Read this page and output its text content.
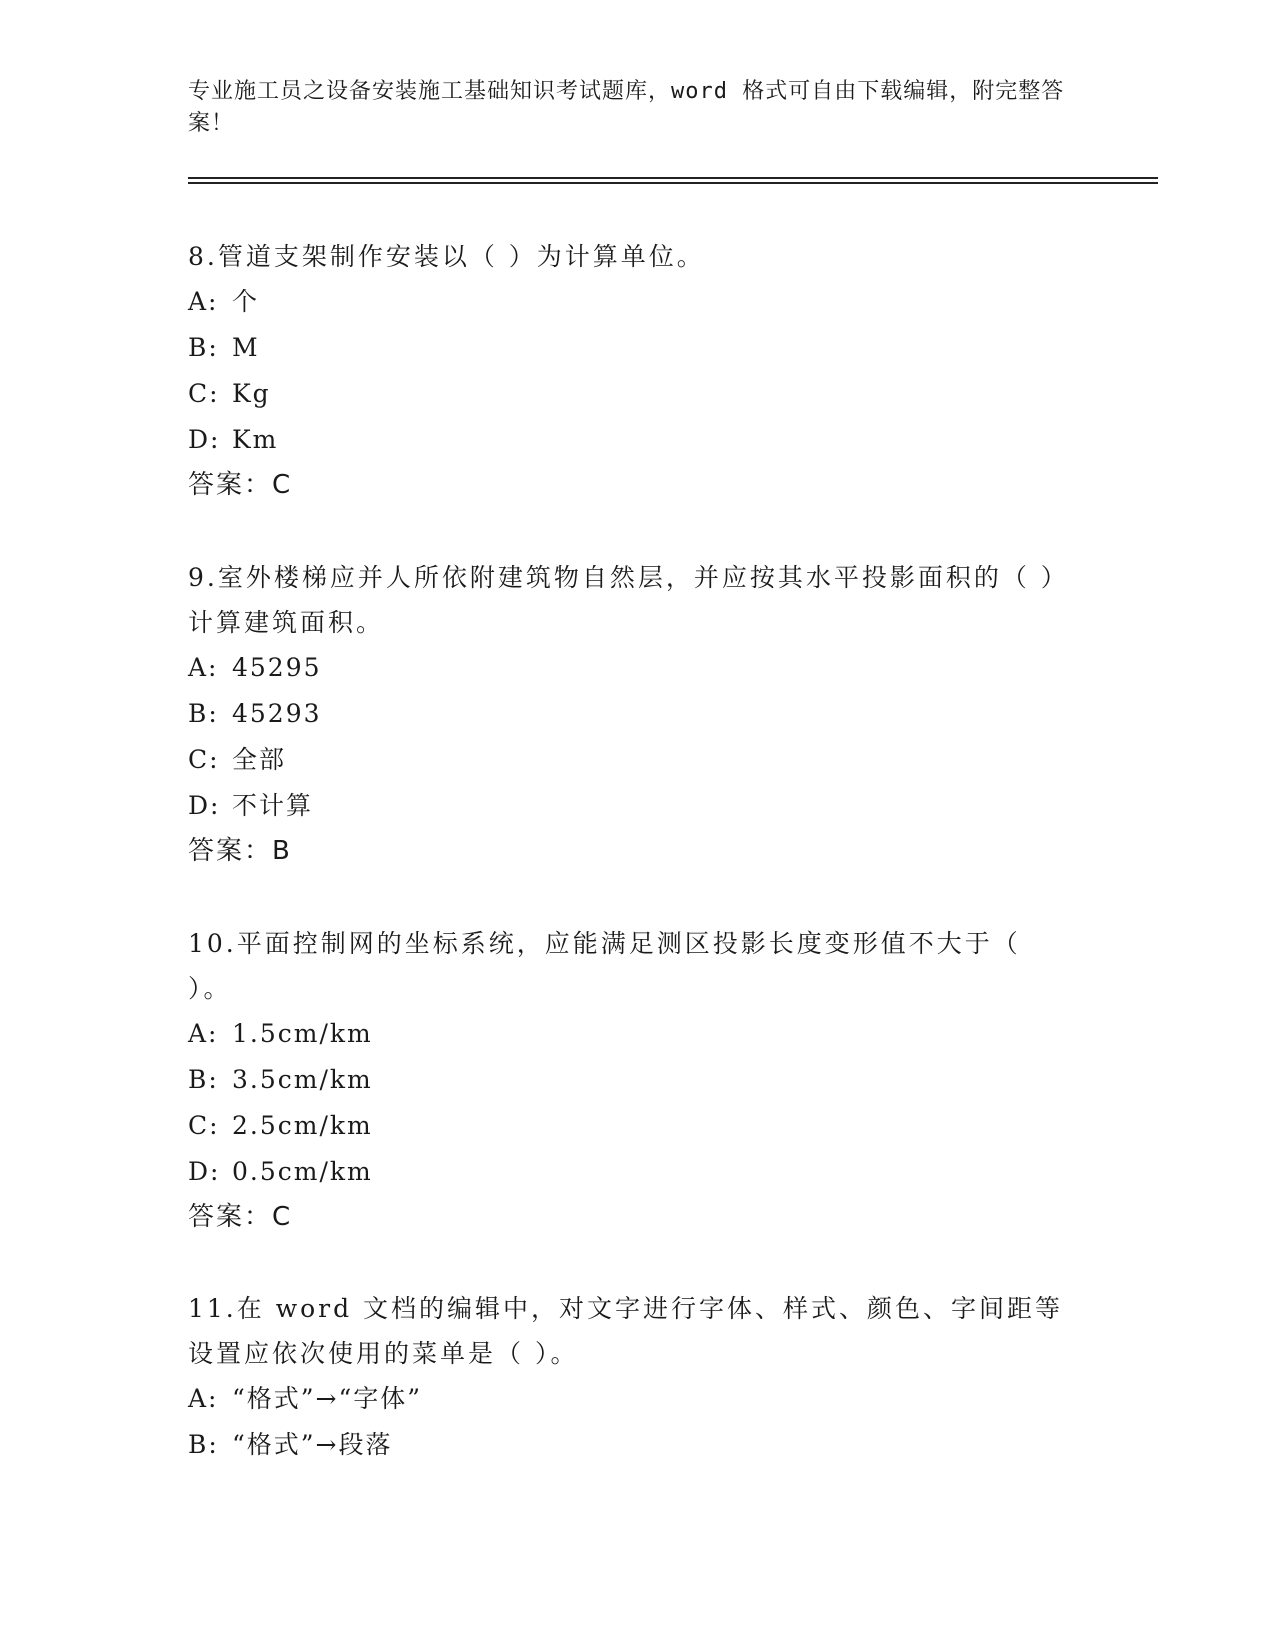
专业施工员之设备安装施工基础知识考试题库，word 格式可自由下载编辑，附完整答案！

8.管道支架制作安装以（ ）为计算单位。

A: 个
B: M
C: Kg
D: Km
答案：C

9.室外楼梯应并人所依附建筑物自然层，并应按其水平投影面积的（ ）计算建筑面积。

A: 45295
B: 45293
C: 全部
D: 不计算
答案：B

10.平面控制网的坐标系统，应能满足测区投影长度变形值不大于（ ）。

A: 1.5cm/km
B: 3.5cm/km
C: 2.5cm/km
D: 0.5cm/km
答案：C

11.在 word 文档的编辑中，对文字进行字体、样式、颜色、字间距等设置应依次使用的菜单是（ ）。

A: “格式”→“字体”
B: “格式”→段落
